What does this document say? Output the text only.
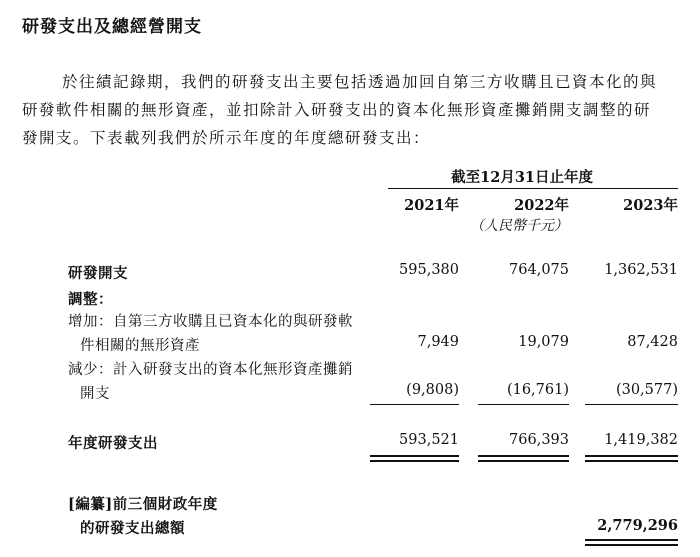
研發支出及總經營開支
於往績記錄期，我們的研發支出主要包括透過加回自第三方收購且已資本化的與
研發軟件相關的無形資產，並扣除計入研發支出的資本化無形資產攤銷開支調整的研
發開支。下表載列我們於所示年度的年度總研發支出：
截至12月31日止年度
2021年	2022年	2023年
（人民幣千元）
研發開支	595,380	764,075 1,362,531
調整：
增加：自第三方收購且已資本化的與研發軟
件相關的無形資產	7,949	19,079	87,428
減少：計入研發支出的資本化無形資產攤銷
開支	(9,808)	(16,761)	(30,577)
年度研發支出	593,521	766,393 1,419,382
[編纂]前三個財政年度
的研發支出總額	2,779,296
